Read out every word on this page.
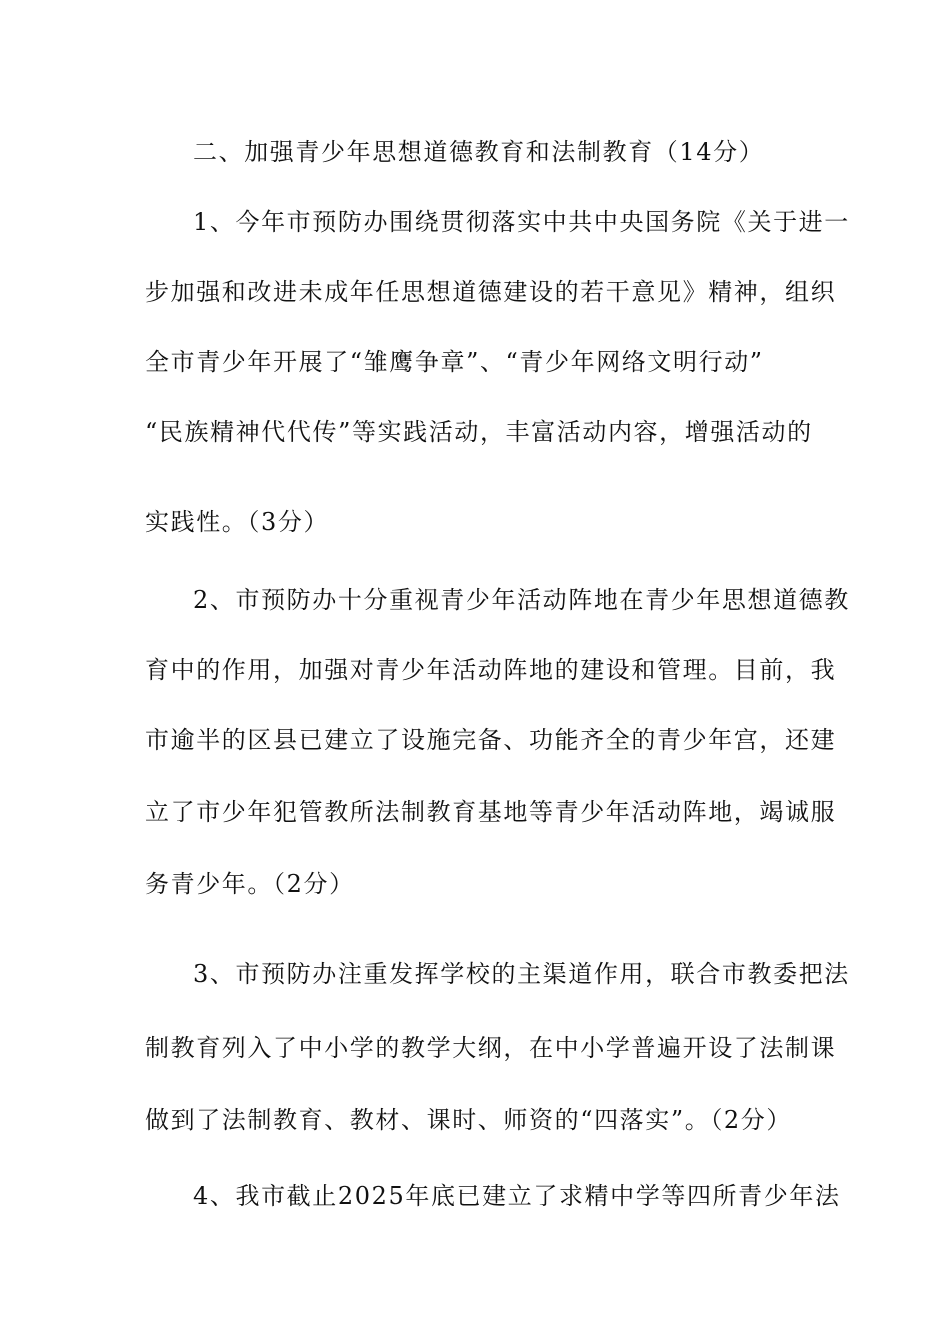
二、加强青少年思想道德教育和法制教育（14分）
1、今年市预防办围绕贯彻落实中共中央国务院《关于进一
步加强和改进未成年任思想道德建设的若干意见》精神，组织
全市青少年开展了“雏鹰争章”、“青少年网络文明行动”
“民族精神代代传”等实践活动，丰富活动内容，增强活动的
实践性。（3分）
2、市预防办十分重视青少年活动阵地在青少年思想道德教
育中的作用，加强对青少年活动阵地的建设和管理。目前，我
市逾半的区县已建立了设施完备、功能齐全的青少年宫，还建
立了市少年犯管教所法制教育基地等青少年活动阵地，竭诚服
务青少年。（2分）
3、市预防办注重发挥学校的主渠道作用，联合市教委把法
制教育列入了中小学的教学大纲，在中小学普遍开设了法制课
做到了法制教育、教材、课时、师资的“四落实”。（2分）
4、我市截止2025年底已建立了求精中学等四所青少年法
